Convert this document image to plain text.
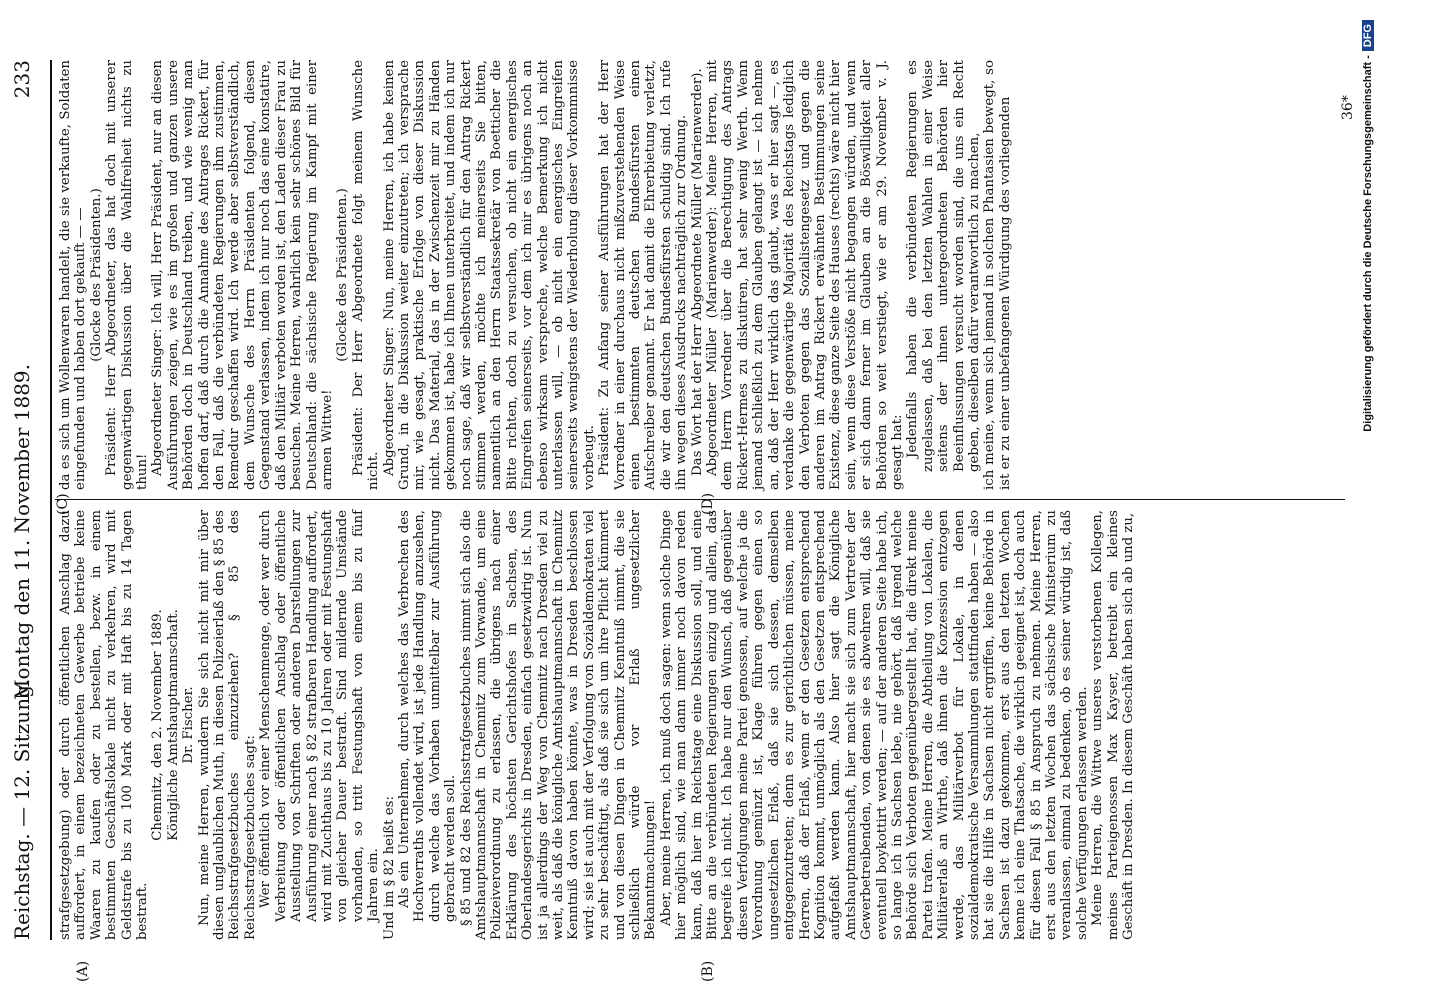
Reichstag. — 12. Sitzung.
Montag den 11. November 1889.
233
(A)	(B)
(C)	(D)

strafgesetzgebung) oder durch öffentlichen Anschlag dazu auffordert, in einem bezeichneten Gewerbe betriebe keine Waaren zu kaufen oder zu bestellen, bezw. in einem bestimmten Geschäftslokale nicht zu verkehren, wird mit Geldstrafe bis zu 100 Mark oder mit Haft bis zu 14 Tagen bestraft.

Chemnitz, den 2. November 1889. Königliche Amtshauptmannschaft. Dr. Fischer. Nun, meine Herren, wundern Sie sich nicht mit mir über diesen unglaublichen Muth, in diesen Polizeierlaß den § 85 des Reichsstrafgesetzbuches einzuziehen? § 85 des Reichsstrafgesetzbuches sagt: Wer öffentlich vor einer Menschenmenge, oder wer durch Verbreitung oder öffentlichen Anschlag oder öffentliche Ausstellung von Schriften oder anderen Darstellungen zur Ausführung einer nach § 82 strafbaren Handlung auffordert, wird mit Zuchthaus bis zu 10 Jahren oder mit Festungshaft von gleicher Dauer bestraft. Sind mildernde Umstände vorhanden, so tritt Festungshaft von einem bis zu fünf Jahren ein. Und im § 82 heißt es: Als ein Unternehmen, durch welches das Verbrechen des Hochverraths vollendet wird, ist jede Handlung anzusehen, durch welche das Vorhaben unmittelbar zur Ausführung gebracht werden soll. § 85 und 82 des Reichsstrafgesetzbuches nimmt sich also die Amtshauptmannschaft in Chemnitz zum Vorwande, um eine Polizeiverordnung zu erlassen, die übrigens nach einer Erklärung des höchsten Gerichtshofes in Sachsen, des Oberlandesgerichts in Dresden, einfach gesetzwidrig ist. Nun ist ja allerdings der Weg von Chemnitz nach Dresden viel zu weit, als daß die königliche Amtshauptmannschaft in Chemnitz Kenntniß davon haben könnte, was in Dresden beschlossen wird; sie ist auch mit der Verfolgung von Sozialdemokraten viel zu sehr beschäftigt, als daß sie sich um ihre Pflicht kümmert und von diesen Dingen in Chemnitz Kenntniß nimmt, die sie schließlich würde vor Erlaß ungesetzlicher Bekanntmachungen! Aber, meine Herren, ich muß doch sagen: wenn solche Dinge hier möglich sind, wie man dann immer noch davon reden kann, daß hier im Reichstage eine Diskussion soll, und eine Bitte an die verbündeten Regierungen einzig und allein, das begreife ich nicht. Ich habe nur den Wunsch, daß gegenüber diesen Verfolgungen meine Partei genossen, auf welche ja die Verordnung gemünzt ist, Klage führen gegen einen so ungesetzlichen Erlaß, daß sie sich dessen, demselben entgegenzutreten; denn es zur gerichtlichen müssen, meine Herren, daß der Erlaß, wenn er den Gesetzen entsprechend Kognition kommt, unmöglich als den Gesetzen entsprechend aufgefaßt werden kann. Also hier sagt die Königliche Amtshauptmannschaft, hier macht sie sich zum Vertreter der Gewerbetreibenden, von denen sie es abwehren will, daß sie eventuell boykottirt werden; — auf der anderen Seite habe ich, so lange ich in Sachsen lebe, nie gehört, daß irgend welche Behörde sich Verboten gegenübergestellt hat, die direkt meine Partei trafen. Meine Herren, die Abtheilung von Lokalen, die Militärerlaß an Wirthe, daß ihnen die Konzession entzogen werde, das Militärverbot für Lokale, in denen sozialdemokratische Versammlungen stattfinden haben — also hat sie die Hilfe in Sachsen nicht ergriffen, keine Behörde in Sachsen ist dazu gekommen, erst aus den letzten Wochen kenne ich eine Thatsache, die wirklich geeignet ist, doch auch für diesen Fall § 85 in Anspruch zu nehmen. Meine Herren, erst aus den letzten Wochen das sächsische Ministerium zu veranlassen, einmal zu bedenken, ob es seiner würdig ist, daß solche Verfügungen erlassen werden. Meine Herren, die Wittwe unseres verstorbenen Kollegen, meines Parteigenossen Max Kayser, betreibt ein kleines Geschäft in Dresden. In diesem Geschäft haben sich ab und zu,

da es sich um Wollenwaren handelt, die sie verkaufte, Soldaten eingefunden und haben dort gekauft — — (Glocke des Präsidenten.) Präsident: Herr Abgeordneter, das hat doch mit unserer gegenwärtigen Diskussion über die Wahlfreiheit nichts zu thun! Abgeordneter Singer: Ich will, Herr Präsident, nur an diesen Ausführungen zeigen, wie es im großen und ganzen unsere Behörden doch in Deutschland treiben, und wie wenig man hoffen darf, daß durch die Annahme des Antrages Rickert, für den Fall, daß die verbündeten Regierungen ihm zustimmen, Remedur geschaffen wird. Ich werde aber selbstverständlich, dem Wunsche des Herrn Präsidenten folgend, diesen Gegenstand verlassen, indem ich nur noch das eine konstatire, daß den Militär verboten worden ist, den Laden dieser Frau zu besuchen. Meine Herren, wahrlich kein sehr schönes Bild für Deutschland: die sächsische Regierung im Kampf mit einer armen Wittwe!

(Glocke des Präsidenten.) Präsident: Der Herr Abgeordnete folgt meinem Wunsche nicht. Abgeordneter Singer: Nun, meine Herren, ich habe keinen Grund, in die Diskussion weiter einzutreten; ich versprache mir, wie gesagt, praktische Erfolge von dieser Diskussion nicht. Das Material, das in der Zwischenzeit mir zu Händen gekommen ist, habe ich Ihnen unterbreitet, und indem ich nur noch sage, daß wir selbstverständlich für den Antrag Rickert stimmen werden, möchte ich meinerseits Sie bitten, namentlich an den Herrn Staatssekretär von Boetticher die Bitte richten, doch zu versuchen, ob nicht ein energisches Eingreifen seinerseits, vor dem ich mir es übrigens noch an ebenso wirksam verspreche, welche Bemerkung ich nicht unterlassen will, — ob nicht ein energisches Eingreifen seinerseits wenigstens der Wiederholung dieser Vorkommnisse vorbeugt. Präsident: Zu Anfang seiner Ausführungen hat der Herr Vorredner in einer durchaus nicht mißzuverstehenden Weise einen bestimmten deutschen Bundesfürsten einen Aufschreiber genannt. Er hat damit die Ehrerbietung verletzt, die wir den deutschen Bundesfürsten schuldig sind. Ich rufe ihn wegen dieses Ausdrucks nachträglich zur Ordnung. Das Wort hat der Herr Abgeordnete Müller (Marienwerder). Abgeordneter Müller (Marienwerder): Meine Herren, mit dem Herrn Vorredner über die Berechtigung des Antrags Rickert-Hermes zu diskutiren, hat sehr wenig Werth. Wenn jemand schließlich zu dem Glauben gelangt ist — ich nehme an, daß der Herr wirklich das glaubt, was er hier sagt —, es verdanke die gegenwärtige Majorität des Reichstags lediglich den Verboten gegen das Sozialistengesetz und gegen die anderen im Antrag Rickert erwähnten Bestimmungen seine Existenz, diese ganze Seite des Hauses (rechts) wäre nicht hier sein, wenn diese Verstöße nicht begangen würden, und wenn er sich dann ferner im Glauben an die Böswilligkeit aller Behörden so weit verstiegt, wie er am 29. November v. J. gesagt hat: Jedenfalls haben die verbündeten Regierungen es zugelassen, daß bei den letzten Wahlen in einer Weise seitens der ihnen untergeordneten Behörden hier Beeinflussungen versucht worden sind, die uns ein Recht geben, dieselben dafür verantwortlich zu machen, ich meine, wenn sich jemand in solchen Phantasien bewegt, so ist er zu einer unbefangenen Würdigung des vorliegenden	36* Digitalisierung gefördert durch die Deutsche Forschungsgemeinschaft -DFG
